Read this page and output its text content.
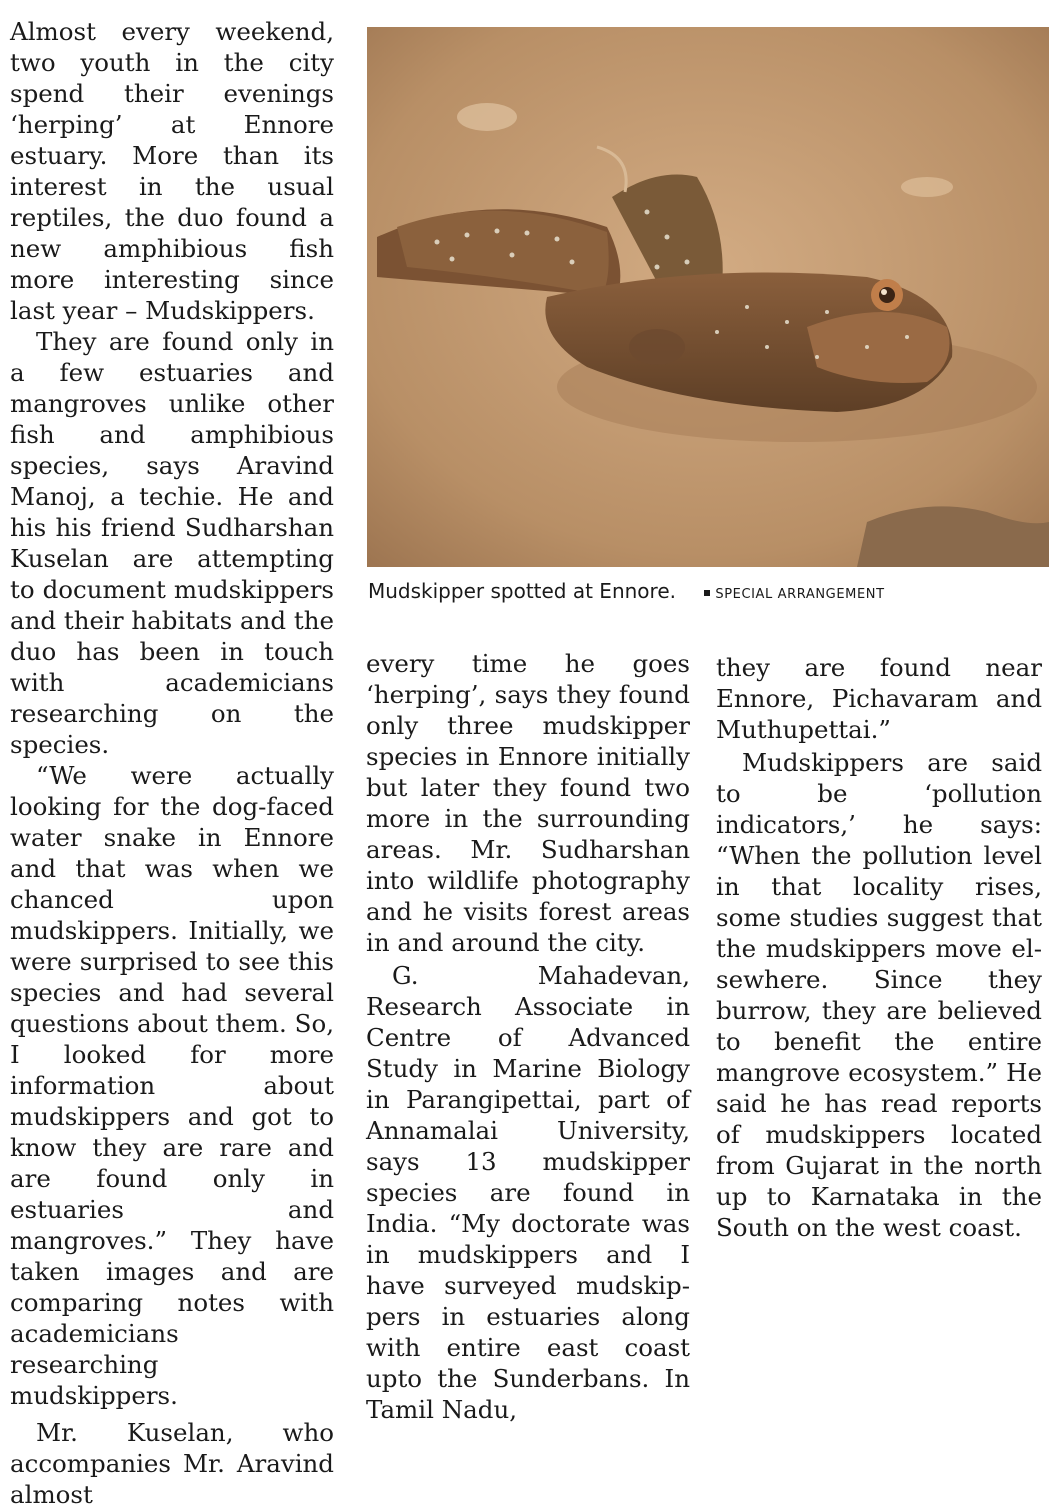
Almost every weekend, two youth in the city spend their evenings ‘herping’ at Ennore estuary. More than its interest in the usual reptiles, the duo found a new amphibious fish more interesting since last year – Mudskippers.

They are found only in a few estuaries and mangroves unlike other fish and amphibious species, says Aravind Manoj, a techie. He and his his friend Sudharshan Kuselan are attempting to document mudskippers and their habitats and the duo has been in touch with academicians researching on the species.

“We were actually looking for the dog-faced water snake in Ennore and that was when we chanced upon mudskippers. Initially, we were surprised to see this species and had several questions about them. So, I looked for more information about mudskippers and got to know they are rare and are found only in estuaries and mangroves.” They have taken images and are comparing notes with academicians researching mudskippers.

Mr. Kuselan, who accompanies Mr. Aravind almost

Mudskipper spotted at Ennore.	SPECIAL ARRANGEMENT

every time he goes ‘herping’, says they found only three mudskipper species in Ennore initially but later they found two more in the surrounding areas. Mr. Sudharshan into wildlife photography and he visits forest areas in and around the city.

G. Mahadevan, Research Associate in Centre of Advanced Study in Marine Biology in Parangipettai, part of Annamalai University, says 13 mudskipper species are found in India. “My doctorate was in mudskippers and I have surveyed mudskippers in estuaries along with entire east coast upto the Sunderbans. In Tamil Nadu,

they are found near Ennore, Pichavaram and Muthupettai.”

Mudskippers are said to be ‘pollution indicators,’ he says: “When the pollution level in that locality rises, some studies suggest that the mudskippers move elsewhere. Since they burrow, they are believed to benefit the entire mangrove ecosystem.” He said he has read reports of mudskippers located from Gujarat in the north up to Karnataka in the South on the west coast.
